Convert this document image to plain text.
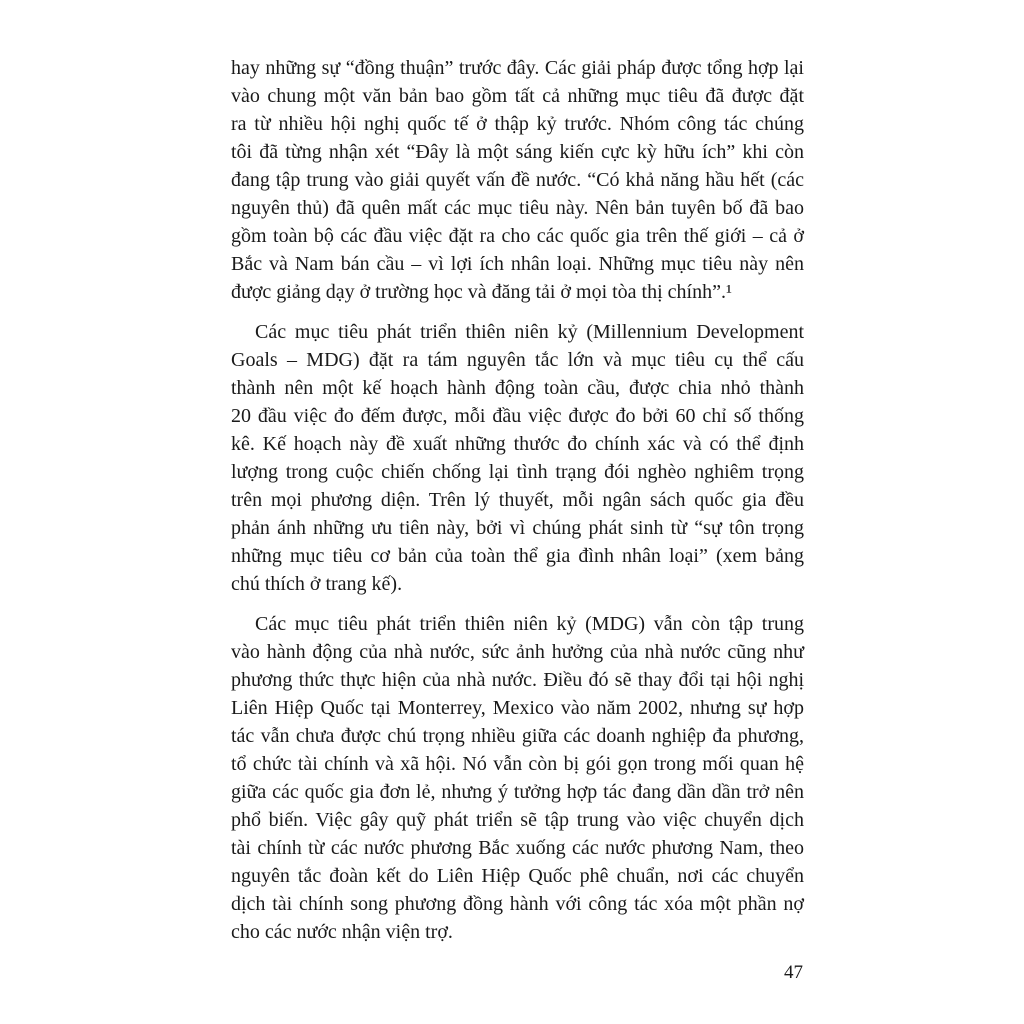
hay những sự “đồng thuận” trước đây. Các giải pháp được tổng hợp lại
vào chung một văn bản bao gồm tất cả những mục tiêu đã được đặt
ra từ nhiều hội nghị quốc tế ở thập kỷ trước. Nhóm công tác chúng
tôi đã từng nhận xét “Đây là một sáng kiến cực kỳ hữu ích” khi còn
đang tập trung vào giải quyết vấn đề nước. “Có khả năng hầu hết (các
nguyên thủ) đã quên mất các mục tiêu này. Nên bản tuyên bố đã bao
gồm toàn bộ các đầu việc đặt ra cho các quốc gia trên thế giới – cả ở
Bắc và Nam bán cầu – vì lợi ích nhân loại. Những mục tiêu này nên
được giảng dạy ở trường học và đăng tải ở mọi tòa thị chính”.¹
Các mục tiêu phát triển thiên niên kỷ (Millennium Development
Goals – MDG) đặt ra tám nguyên tắc lớn và mục tiêu cụ thể cấu
thành nên một kế hoạch hành động toàn cầu, được chia nhỏ thành
20 đầu việc đo đếm được, mỗi đầu việc được đo bởi 60 chỉ số thống
kê. Kế hoạch này đề xuất những thước đo chính xác và có thể định
lượng trong cuộc chiến chống lại tình trạng đói nghèo nghiêm trọng
trên mọi phương diện. Trên lý thuyết, mỗi ngân sách quốc gia đều
phản ánh những ưu tiên này, bởi vì chúng phát sinh từ “sự tôn trọng
những mục tiêu cơ bản của toàn thể gia đình nhân loại” (xem bảng
chú thích ở trang kế).
Các mục tiêu phát triển thiên niên kỷ (MDG) vẫn còn tập trung
vào hành động của nhà nước, sức ảnh hưởng của nhà nước cũng như
phương thức thực hiện của nhà nước. Điều đó sẽ thay đổi tại hội nghị
Liên Hiệp Quốc tại Monterrey, Mexico vào năm 2002, nhưng sự hợp
tác vẫn chưa được chú trọng nhiều giữa các doanh nghiệp đa phương,
tổ chức tài chính và xã hội. Nó vẫn còn bị gói gọn trong mối quan hệ
giữa các quốc gia đơn lẻ, nhưng ý tưởng hợp tác đang dần dần trở nên
phổ biến. Việc gây quỹ phát triển sẽ tập trung vào việc chuyển dịch
tài chính từ các nước phương Bắc xuống các nước phương Nam, theo
nguyên tắc đoàn kết do Liên Hiệp Quốc phê chuẩn, nơi các chuyển
dịch tài chính song phương đồng hành với công tác xóa một phần nợ
cho các nước nhận viện trợ.
47
